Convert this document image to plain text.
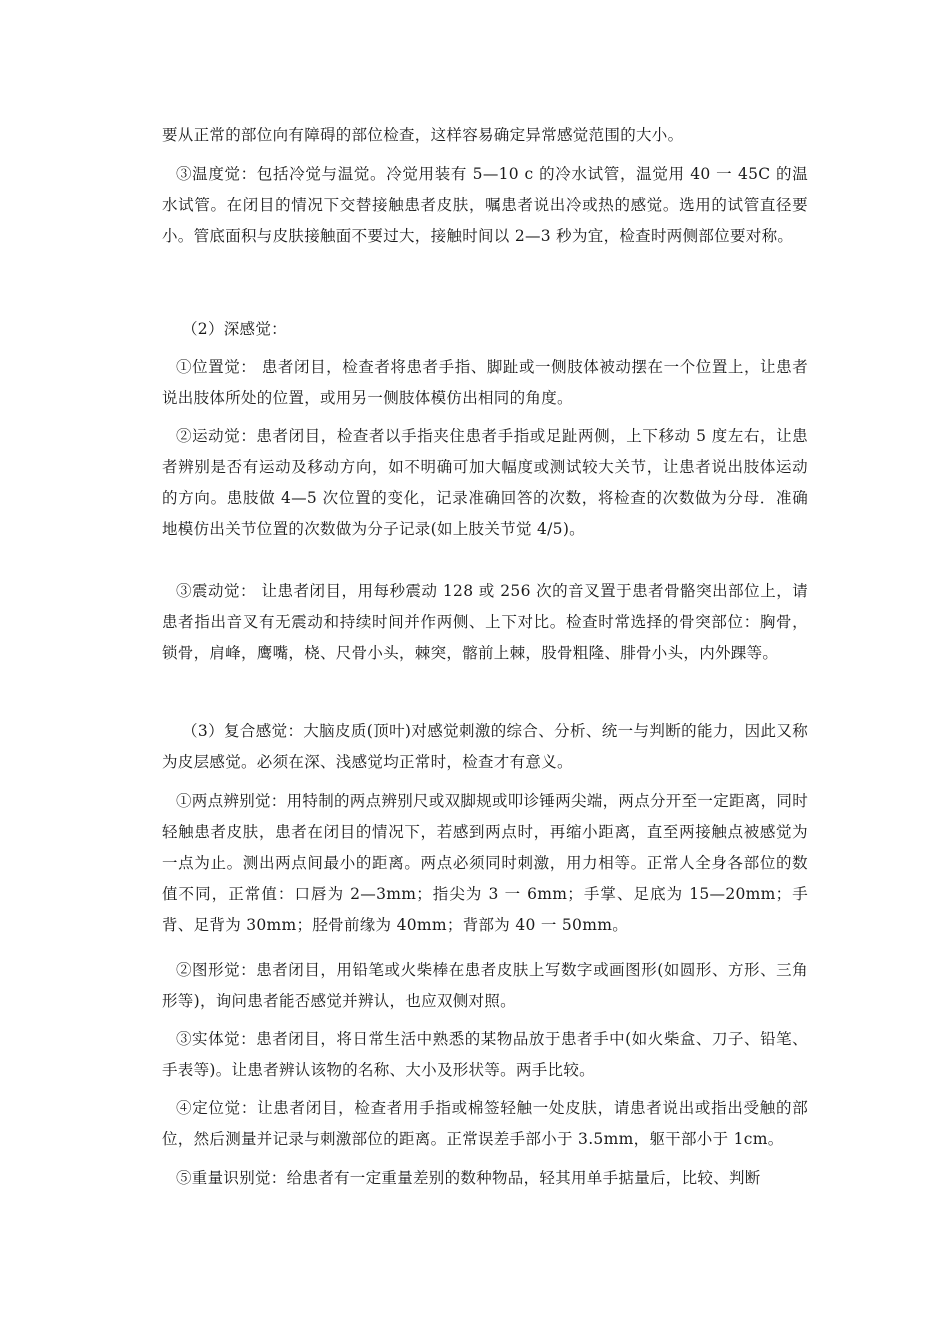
要从正常的部位向有障碍的部位检查，这样容易确定异常感觉范围的大小。

③温度觉：包括冷觉与温觉。冷觉用装有 5—10 c 的冷水试管，温觉用 40 一 45C 的温水试管。在闭目的情况下交替接触患者皮肤，嘱患者说出冷或热的感觉。选用的试管直径要小。管底面积与皮肤接触面不要过大，接触时间以 2—3 秒为宜，检查时两侧部位要对称。

（2）深感觉：

①位置觉： 患者闭目，检查者将患者手指、脚趾或一侧肢体被动摆在一个位置上，让患者说出肢体所处的位置，或用另一侧肢体模仿出相同的角度。

②运动觉：患者闭目，检查者以手指夹住患者手指或足趾两侧，上下移动 5 度左右，让患者辨别是否有运动及移动方向，如不明确可加大幅度或测试较大关节，让患者说出肢体运动的方向。患肢做 4—5 次位置的变化，记录准确回答的次数，将检查的次数做为分母．准确地模仿出关节位置的次数做为分子记录(如上肢关节觉 4/5)。

③震动觉： 让患者闭目，用每秒震动 128 或 256 次的音叉置于患者骨骼突出部位上，请患者指出音叉有无震动和持续时间并作两侧、上下对比。检查时常选择的骨突部位：胸骨，锁骨，肩峰，鹰嘴，桡、尺骨小头，棘突，髂前上棘，股骨粗隆、腓骨小头，内外踝等。

（3）复合感觉：大脑皮质(顶叶)对感觉刺激的综合、分析、统一与判断的能力，因此又称为皮层感觉。必须在深、浅感觉均正常时，检查才有意义。

①两点辨别觉：用特制的两点辨别尺或双脚规或叩诊锤两尖端，两点分开至一定距离，同时轻触患者皮肤，患者在闭目的情况下，若感到两点时，再缩小距离，直至两接触点被感觉为一点为止。测出两点间最小的距离。两点必须同时刺激，用力相等。正常人全身各部位的数值不同，正常值：口唇为 2—3mm；指尖为 3 一 6mm；手掌、足底为 15—20mm；手背、足背为 30mm；胫骨前缘为 40mm；背部为 40 一 50mm。

②图形觉：患者闭目，用铅笔或火柴棒在患者皮肤上写数字或画图形(如圆形、方形、三角形等)，询问患者能否感觉并辨认，也应双侧对照。

③实体觉：患者闭目，将日常生活中熟悉的某物品放于患者手中(如火柴盒、刀子、铅笔、手表等)。让患者辨认该物的名称、大小及形状等。两手比较。

④定位觉：让患者闭目，检查者用手指或棉签轻触一处皮肤，请患者说出或指出受触的部位，然后测量并记录与刺激部位的距离。正常误差手部小于 3.5mm，躯干部小于 1cm。

⑤重量识别觉：给患者有一定重量差别的数种物品，轻其用单手掂量后，比较、判断
